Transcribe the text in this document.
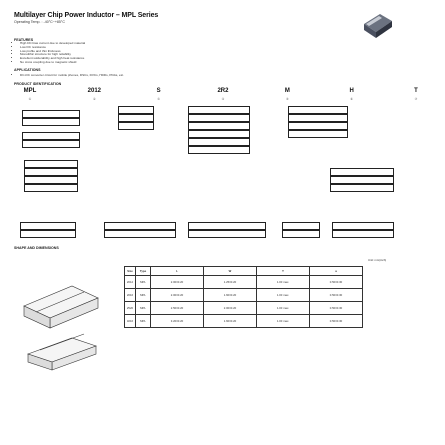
Multilayer Chip Power Inductor – MPL Series
Operating Temp. : -40°C~+85°C
FEATURES
• High DC bias current due to developed material
• Low DC resistance
• Low profile and thin thickness
• Monolithic structure for high reliability
• Excellent solderability and high heat resistance
• No cross coupling due to magnetic shield
APPLICATIONS
• DC-DC converter circuit for mobile phones, DSCs, DVCs, HDDs, PDAs, etc.
PRODUCT IDENTIFICATION
MPL	2012	S	2R2	M	H	T
①	②	③	④	⑤	⑥	⑦
SHAPE AND DIMENSIONS
Unit: mm(inch)
Size	Type	L	W	T	a
2012	MPL	2.00±0.20	1.25±0.20	1.00 max.	0.50±0.30
2016	MPL	2.00±0.20	1.60±0.20	1.00 max.	0.50±0.30
2520	MPL	2.50±0.20	2.00±0.20	1.00 max.	0.50±0.30
3216	MPL	3.20±0.20	1.60±0.20	1.00 max.	0.50±0.30
